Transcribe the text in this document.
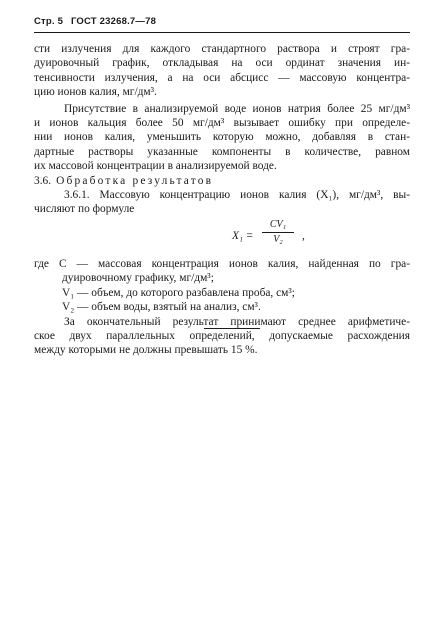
Стр. 5 ГОСТ 23268.7—78

сти излучения для каждого стандартного раствора и строят гра-
дуировочный график, откладывая на оси ординат значения ин-
тенсивности излучения, а на оси абсцисс — массовую концентра-
цию ионов калия, мг/дм³.

Присутствие в анализируемой воде ионов натрия более 25 мг/дм³
и ионов кальция более 50 мг/дм³ вызывает ошибку при определе-
нии ионов калия, уменьшить которую можно, добавляя в стан-
дартные растворы указанные компоненты в количестве, равном
их массовой концентрации в анализируемой воде.

3.6. Обработка результатов

3.6.1. Массовую концентрацию ионов калия (X₁), мг/дм³, вы-
числяют по формуле

X₁ =
CV₁
V₂	,

где C — массовая концентрация ионов калия, найденная по гра-
дуировочному графику, мг/дм³;

V₁ — объем, до которого разбавлена проба, см³;

V₂ — объем воды, взятый на анализ, см³.

За окончательный результат принимают среднее арифметиче-
ское двух параллельных определений, допускаемые расхождения
между которыми не должны превышать 15 %.
